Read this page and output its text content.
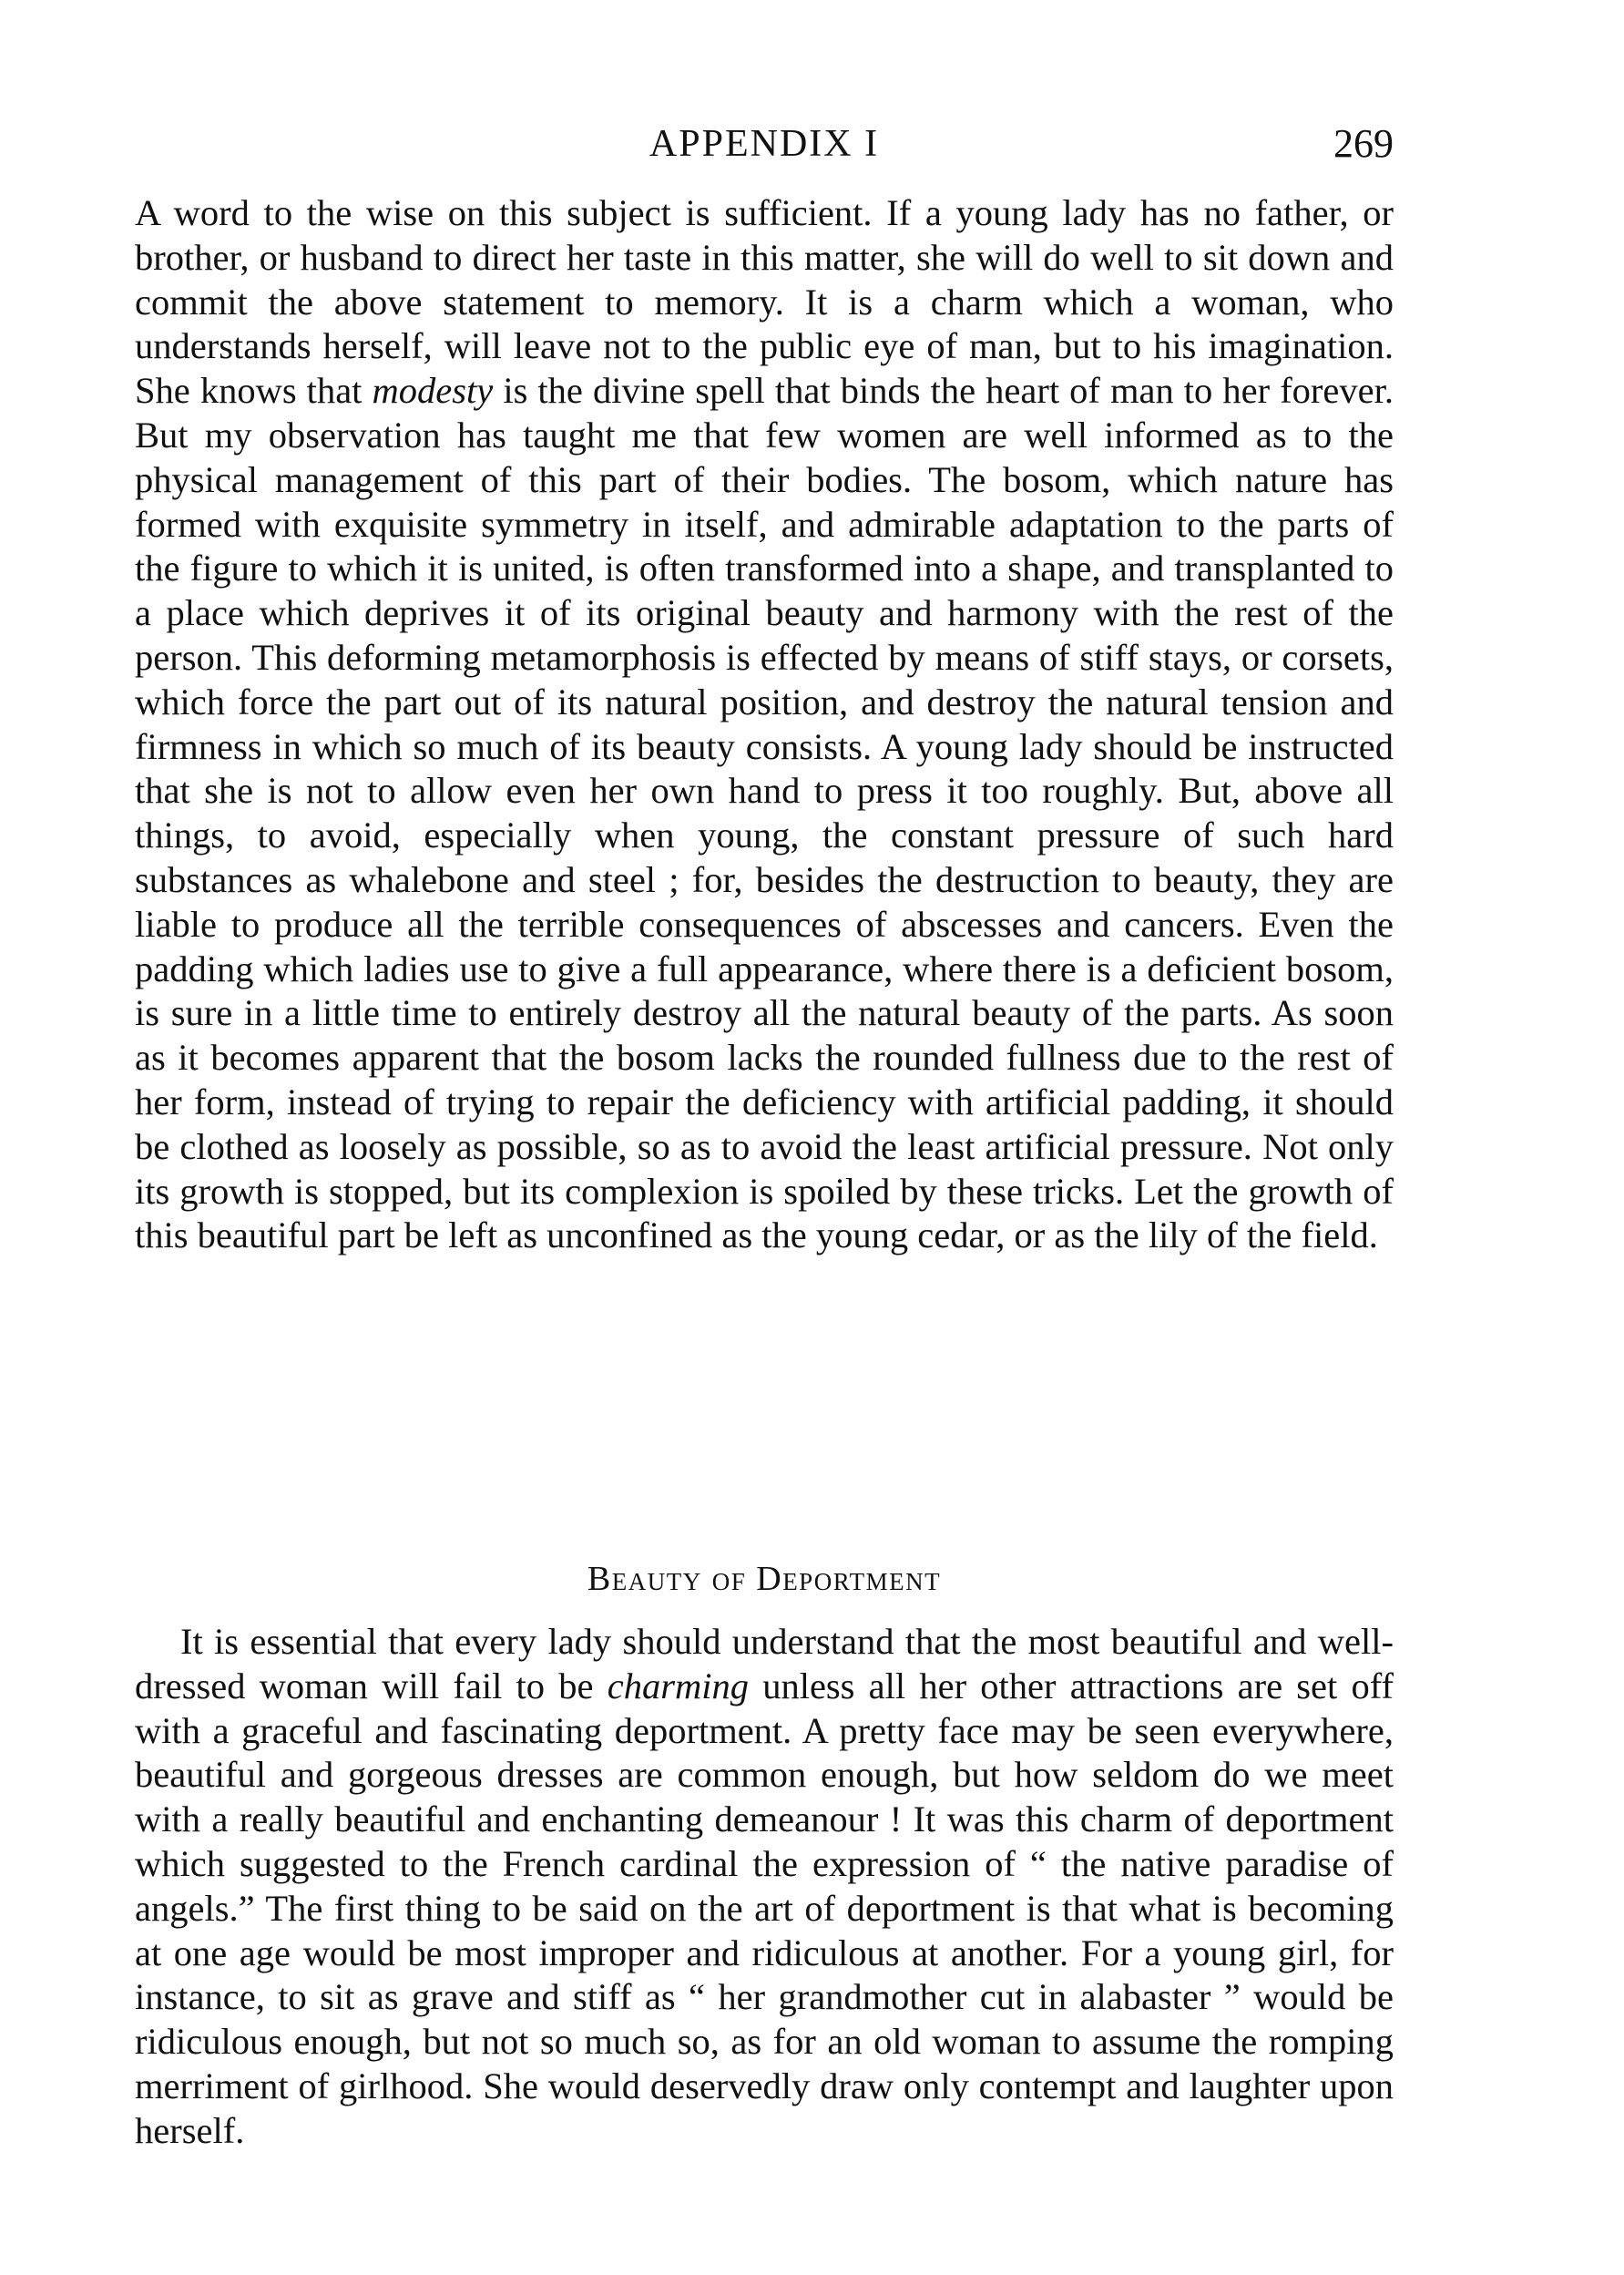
APPENDIX I	269

A word to the wise on this subject is sufficient. If a young lady has no father, or brother, or husband to direct her taste in this matter, she will do well to sit down and commit the above statement to memory. It is a charm which a woman, who understands herself, will leave not to the public eye of man, but to his imagination. She knows that modesty is the divine spell that binds the heart of man to her forever. But my observation has taught me that few women are well informed as to the physical management of this part of their bodies. The bosom, which nature has formed with exquisite symmetry in itself, and admirable adaptation to the parts of the figure to which it is united, is often transformed into a shape, and transplanted to a place which deprives it of its original beauty and harmony with the rest of the person. This deforming metamorphosis is effected by means of stiff stays, or corsets, which force the part out of its natural position, and destroy the natural tension and firmness in which so much of its beauty consists. A young lady should be instructed that she is not to allow even her own hand to press it too roughly. But, above all things, to avoid, especially when young, the constant pressure of such hard substances as whalebone and steel ; for, besides the destruction to beauty, they are liable to produce all the terrible consequences of abscesses and cancers. Even the padding which ladies use to give a full appearance, where there is a deficient bosom, is sure in a little time to entirely destroy all the natural beauty of the parts. As soon as it becomes apparent that the bosom lacks the rounded fullness due to the rest of her form, instead of trying to repair the deficiency with artificial padding, it should be clothed as loosely as possible, so as to avoid the least artificial pressure. Not only its growth is stopped, but its complexion is spoiled by these tricks. Let the growth of this beautiful part be left as unconfined as the young cedar, or as the lily of the field.

Beauty of Deportment

It is essential that every lady should understand that the most beautiful and well-dressed woman will fail to be charming unless all her other attractions are set off with a graceful and fascinating deportment. A pretty face may be seen everywhere, beautiful and gorgeous dresses are common enough, but how seldom do we meet with a really beautiful and enchanting demeanour ! It was this charm of deportment which suggested to the French cardinal the expression of “ the native paradise of angels.” The first thing to be said on the art of deportment is that what is becoming at one age would be most improper and ridiculous at another. For a young girl, for instance, to sit as grave and stiff as “ her grandmother cut in alabaster ” would be ridiculous enough, but not so much so, as for an old woman to assume the romping merriment of girlhood. She would deservedly draw only contempt and laughter upon herself.
